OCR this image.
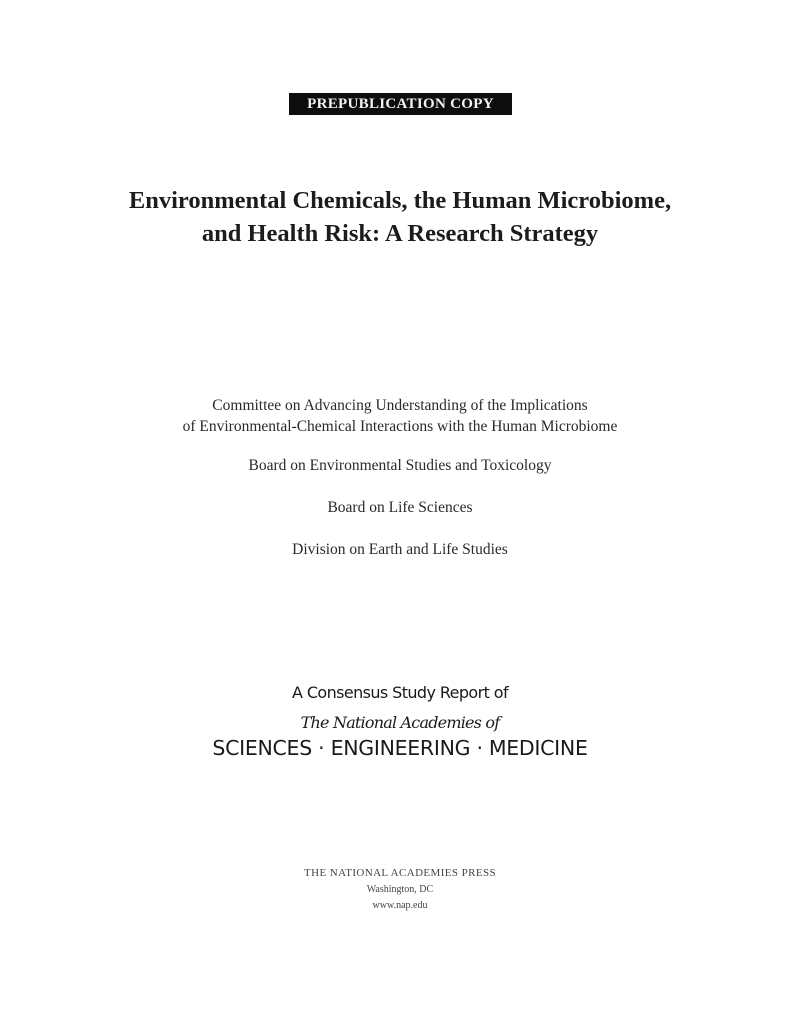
PREPUBLICATION COPY
Environmental Chemicals, the Human Microbiome,
and Health Risk: A Research Strategy
Committee on Advancing Understanding of the Implications
of Environmental-Chemical Interactions with the Human Microbiome
Board on Environmental Studies and Toxicology
Board on Life Sciences
Division on Earth and Life Studies
A Consensus Study Report of
The National Academies of
SCIENCES · ENGINEERING · MEDICINE
THE NATIONAL ACADEMIES PRESS
Washington, DC
www.nap.edu
